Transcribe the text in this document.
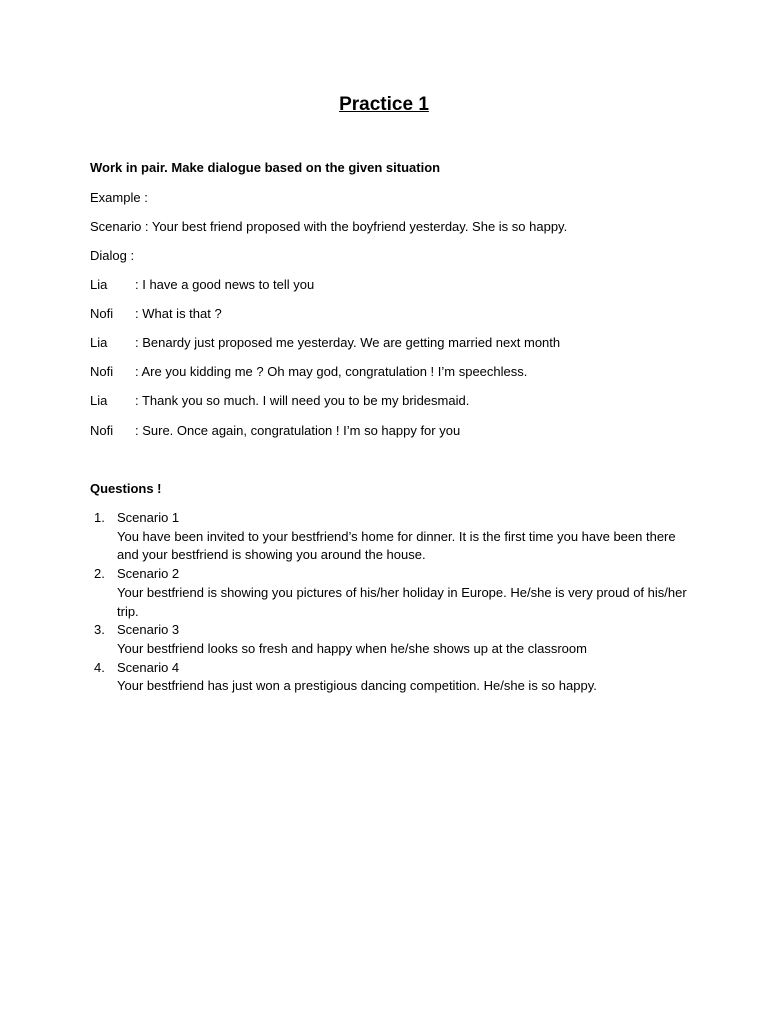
Practice 1
Work in pair. Make dialogue based on the given situation
Example :
Scenario : Your best friend proposed with the boyfriend yesterday. She is so happy.
Dialog :
Lia	: I have a good news to tell you
Nofi	: What is that ?
Lia	: Benardy just proposed me yesterday. We are getting married next month
Nofi	: Are you kidding me ? Oh may god, congratulation ! I’m speechless.
Lia	: Thank you so much. I will need you to be my bridesmaid.
Nofi	: Sure. Once again, congratulation ! I’m so happy for you
Questions !
1. Scenario 1
You have been invited to your bestfriend’s home for dinner. It is the first time you have been there
and your bestfriend is showing you around the house.
2. Scenario 2
Your bestfriend is showing you pictures of his/her holiday in Europe. He/she is very proud of his/her
trip.
3. Scenario 3
Your bestfriend looks so fresh and happy when he/she shows up at the classroom
4. Scenario 4
Your bestfriend has just won a prestigious dancing competition. He/she is so happy.
